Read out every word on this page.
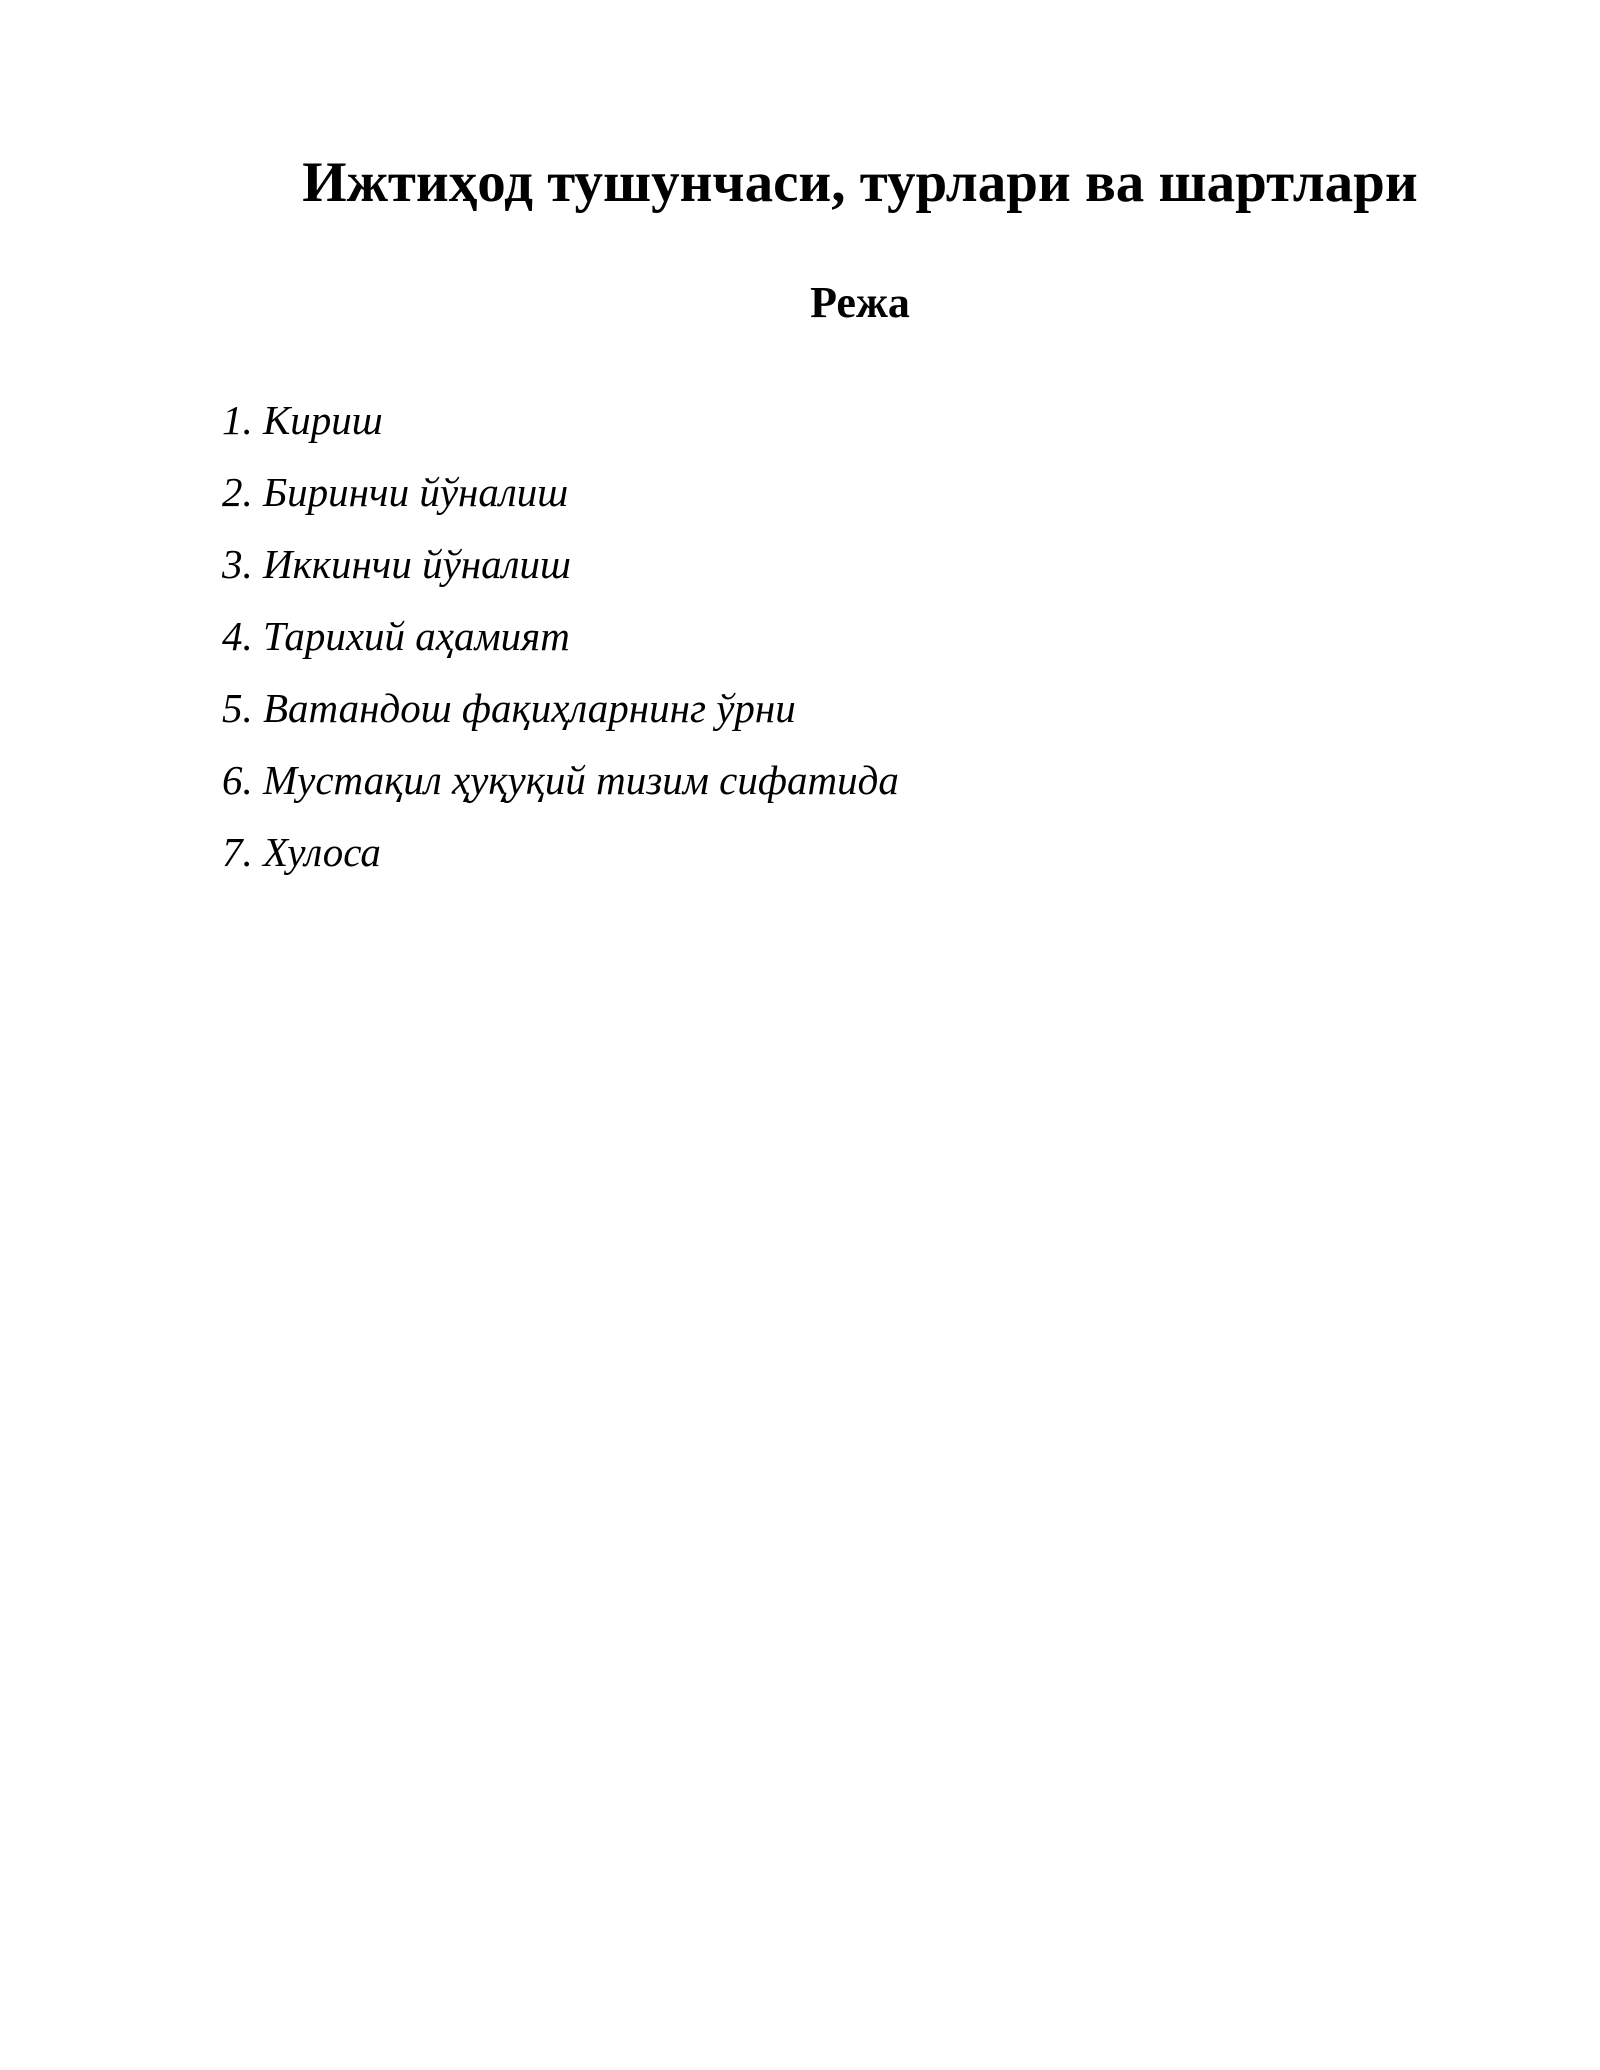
Ижтиҳод тушунчаси, турлари ва шартлари
Режа
1. Кириш
2. Биринчи йўналиш
3. Иккинчи йўналиш
4. Тарихий аҳамият
5. Ватандош фақиҳларнинг ўрни
6. Мустақил ҳуқуқий тизим сифатида
7. Хулоса
